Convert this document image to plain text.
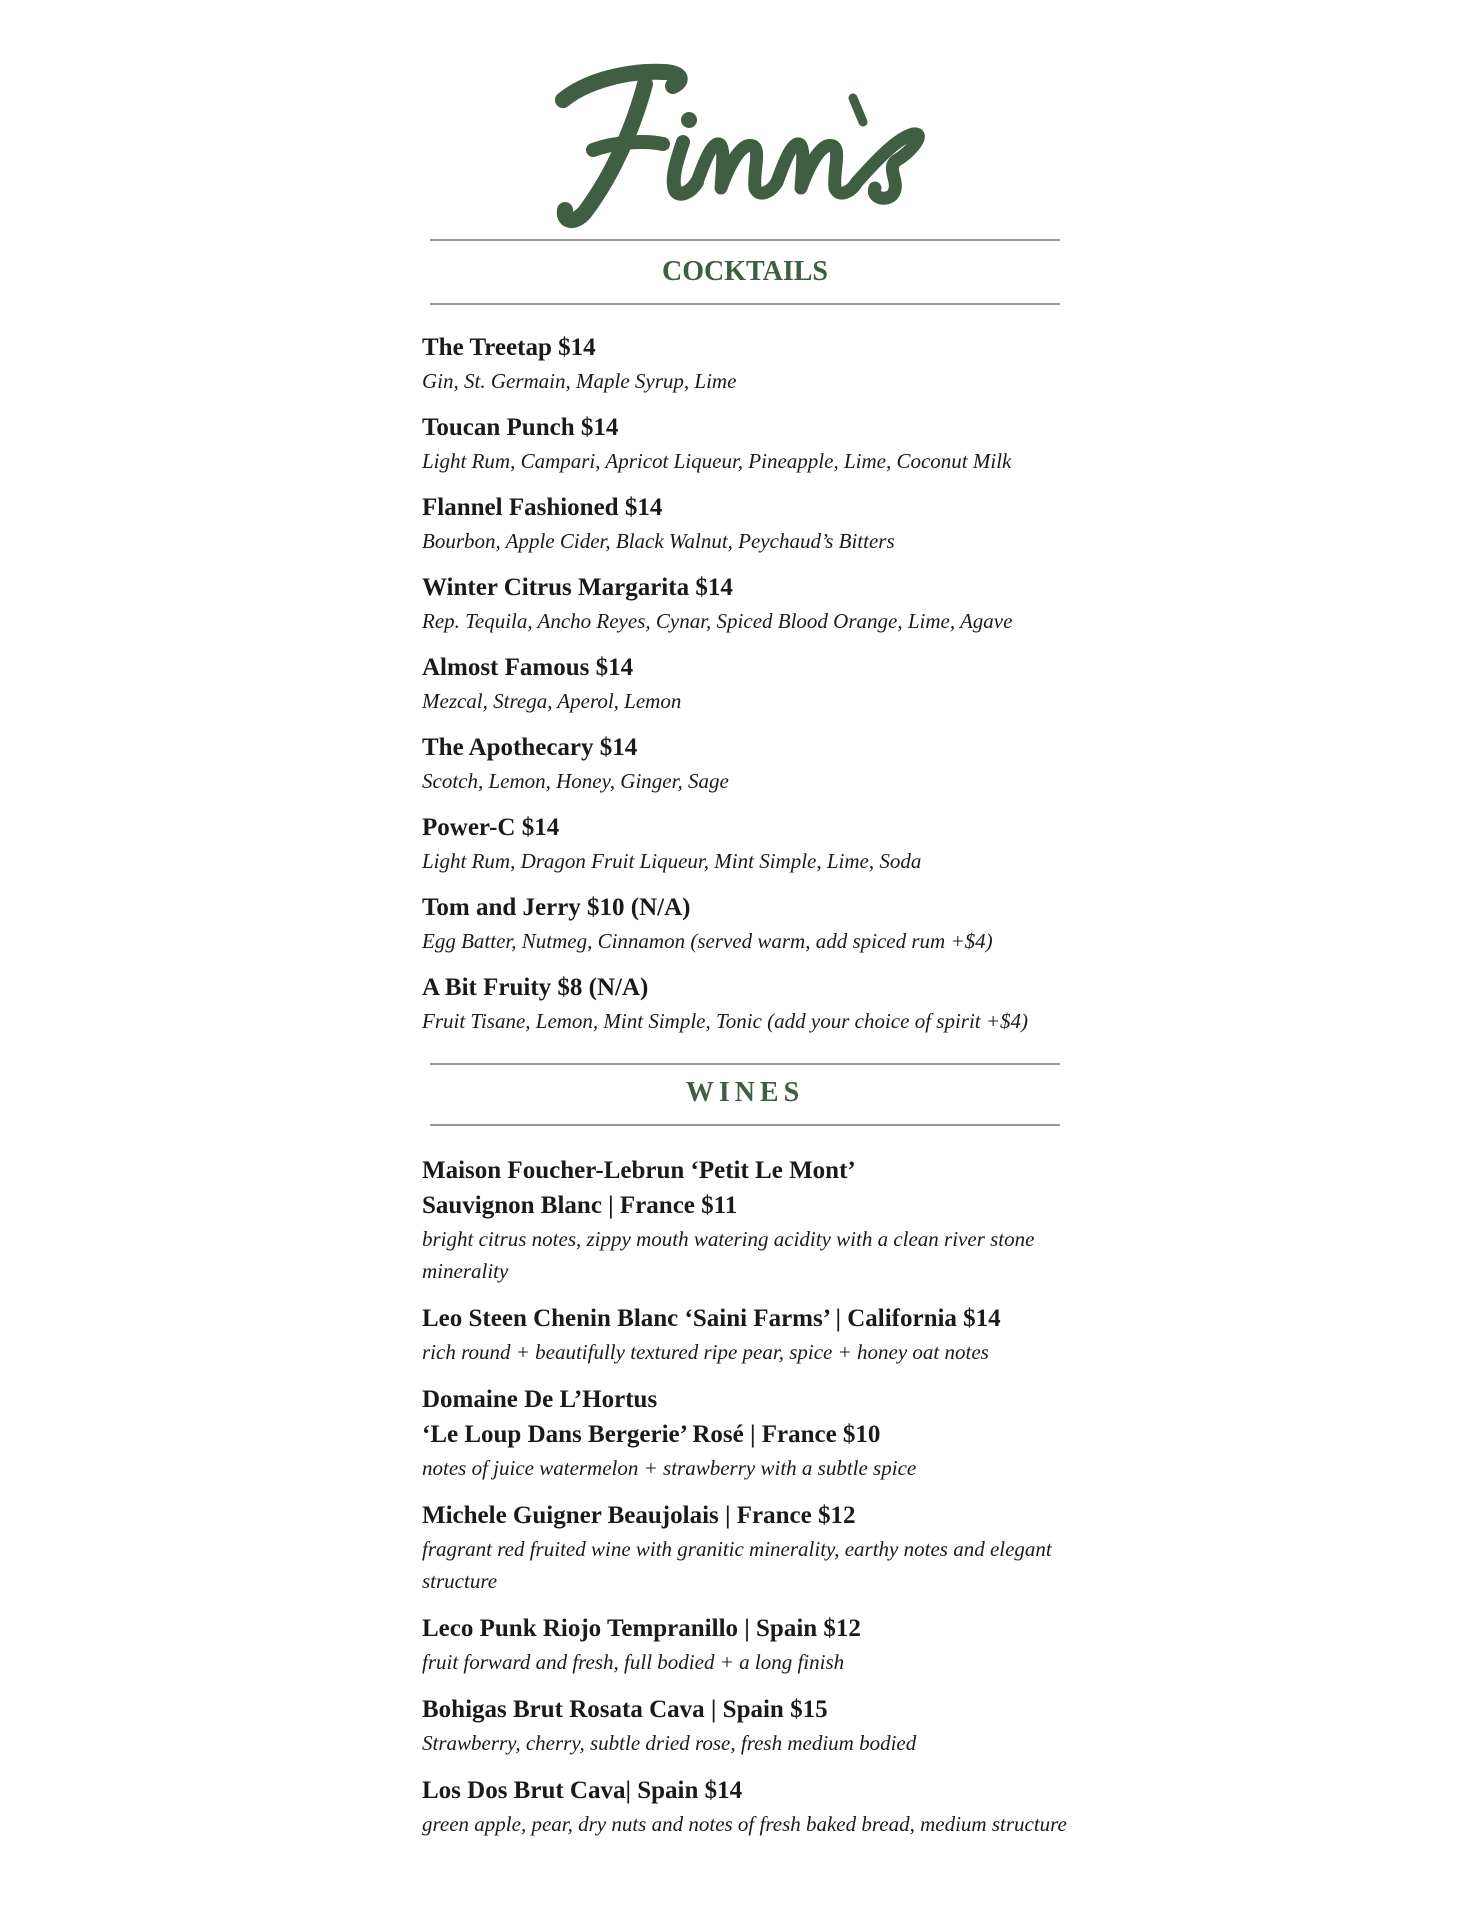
COCKTAILS
The Treetap $14
Gin, St. Germain, Maple Syrup, Lime
Toucan Punch $14
Light Rum, Campari, Apricot Liqueur, Pineapple, Lime, Coconut Milk
Flannel Fashioned $14
Bourbon, Apple Cider, Black Walnut, Peychaud’s Bitters
Winter Citrus Margarita $14
Rep. Tequila, Ancho Reyes, Cynar, Spiced Blood Orange, Lime, Agave
Almost Famous $14
Mezcal, Strega, Aperol, Lemon
The Apothecary $14
Scotch, Lemon, Honey, Ginger, Sage
Power-C $14
Light Rum, Dragon Fruit Liqueur, Mint Simple, Lime, Soda
Tom and Jerry $10 (N/A)
Egg Batter, Nutmeg, Cinnamon (served warm, add spiced rum +$4)
A Bit Fruity $8 (N/A)
Fruit Tisane, Lemon, Mint Simple, Tonic (add your choice of spirit +$4)
WINES
Maison Foucher-Lebrun ‘Petit Le Mont’
Sauvignon Blanc | France $11
bright citrus notes, zippy mouth watering acidity with a clean river stone minerality
Leo Steen Chenin Blanc ‘Saini Farms’ | California $14
rich round + beautifully textured ripe pear, spice + honey oat notes
Domaine De L’Hortus
‘Le Loup Dans Bergerie’ Rosé | France $10
notes of juice watermelon + strawberry with a subtle spice
Michele Guigner Beaujolais | France $12
fragrant red fruited wine with granitic minerality, earthy notes and elegant structure
Leco Punk Riojo Tempranillo | Spain $12
fruit forward and fresh, full bodied + a long finish
Bohigas Brut Rosata Cava | Spain $15
Strawberry, cherry, subtle dried rose, fresh medium bodied
Los Dos Brut Cava| Spain $14
green apple, pear, dry nuts and notes of fresh baked bread, medium structure
